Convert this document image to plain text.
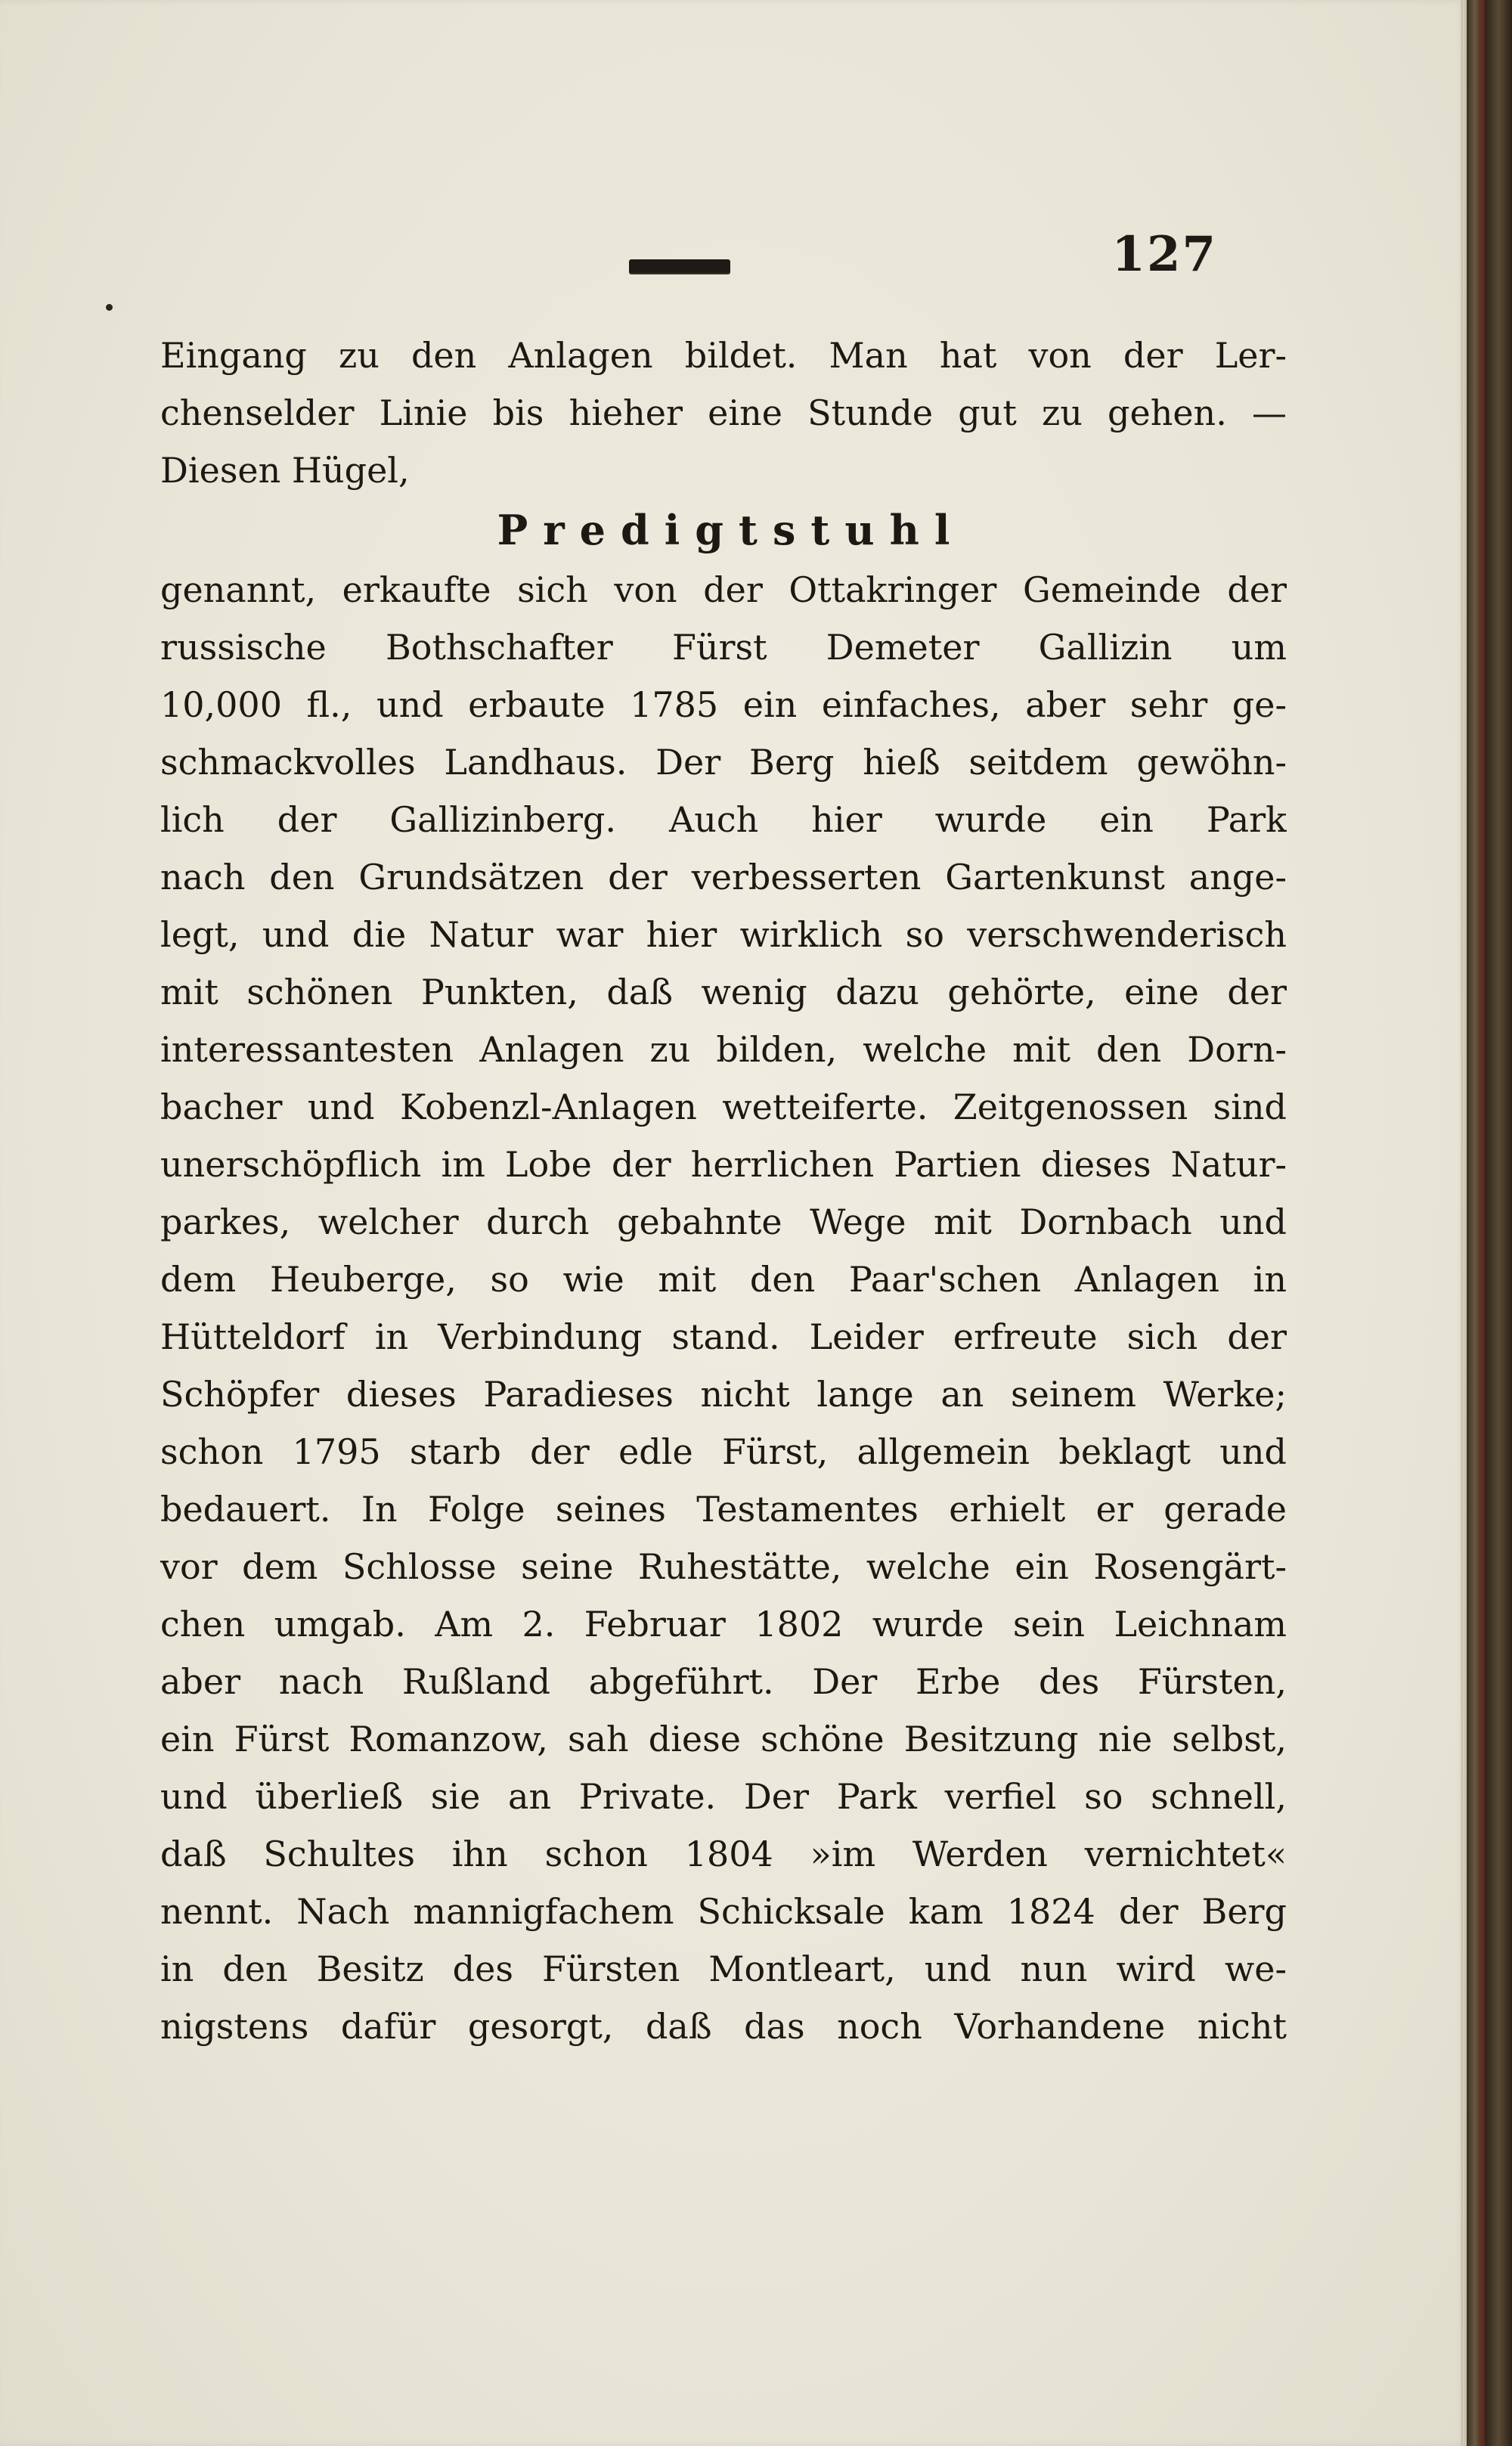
127
Eingang zu den Anlagen bildet. Man hat von der Ler-
chenselder Linie bis hieher eine Stunde gut zu gehen. —
Diesen Hügel,
Predigtstuhl
genannt, erkaufte sich von der Ottakringer Gemeinde der
russische Bothschafter Fürst Demeter Gallizin um
10,000 fl., und erbaute 1785 ein einfaches, aber sehr ge-
schmackvolles Landhaus. Der Berg hieß seitdem gewöhn-
lich der Gallizinberg. Auch hier wurde ein Park
nach den Grundsätzen der verbesserten Gartenkunst ange-
legt, und die Natur war hier wirklich so verschwenderisch
mit schönen Punkten, daß wenig dazu gehörte, eine der
interessantesten Anlagen zu bilden, welche mit den Dorn-
bacher und Kobenzl-Anlagen wetteiferte. Zeitgenossen sind
unerschöpflich im Lobe der herrlichen Partien dieses Natur-
parkes, welcher durch gebahnte Wege mit Dornbach und
dem Heuberge, so wie mit den Paar'schen Anlagen in
Hütteldorf in Verbindung stand. Leider erfreute sich der
Schöpfer dieses Paradieses nicht lange an seinem Werke;
schon 1795 starb der edle Fürst, allgemein beklagt und
bedauert. In Folge seines Testamentes erhielt er gerade
vor dem Schlosse seine Ruhestätte, welche ein Rosengärt-
chen umgab. Am 2. Februar 1802 wurde sein Leichnam
aber nach Rußland abgeführt. Der Erbe des Fürsten,
ein Fürst Romanzow, sah diese schöne Besitzung nie selbst,
und überließ sie an Private. Der Park verfiel so schnell,
daß Schultes ihn schon 1804 »im Werden vernichtet«
nennt. Nach mannigfachem Schicksale kam 1824 der Berg
in den Besitz des Fürsten Montleart, und nun wird we-
nigstens dafür gesorgt, daß das noch Vorhandene nicht
